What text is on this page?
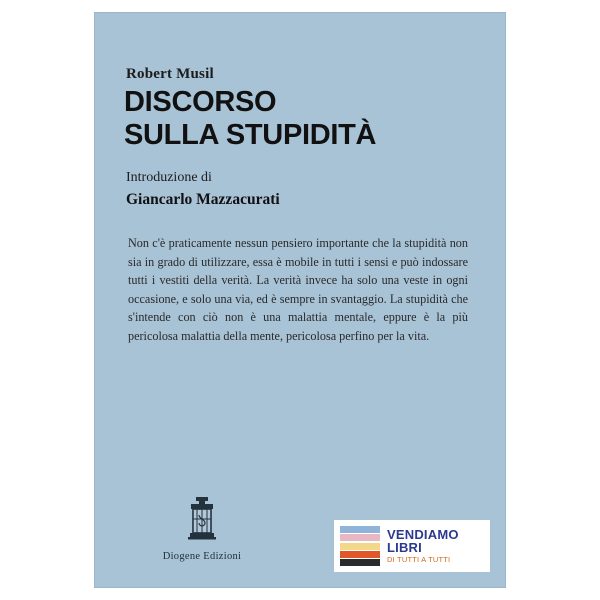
Robert Musil
DISCORSO
SULLA STUPIDITÀ
Introduzione di
Giancarlo Mazzacurati
Non c'è praticamente nessun pensiero importante che la stupidità non sia in grado di utilizzare, essa è mobile in tutti i sensi e può indossare tutti i vestiti della verità. La verità invece ha solo una veste in ogni occasione, e solo una via, ed è sempre in svantaggio. La stupidità che s'intende con ciò non è una malattia mentale, eppure è la più pericolosa malattia della mente, pericolosa perfino per la vita.
Diogene Edizioni
VENDIAMO
LIBRI
DI TUTTI A TUTTI
